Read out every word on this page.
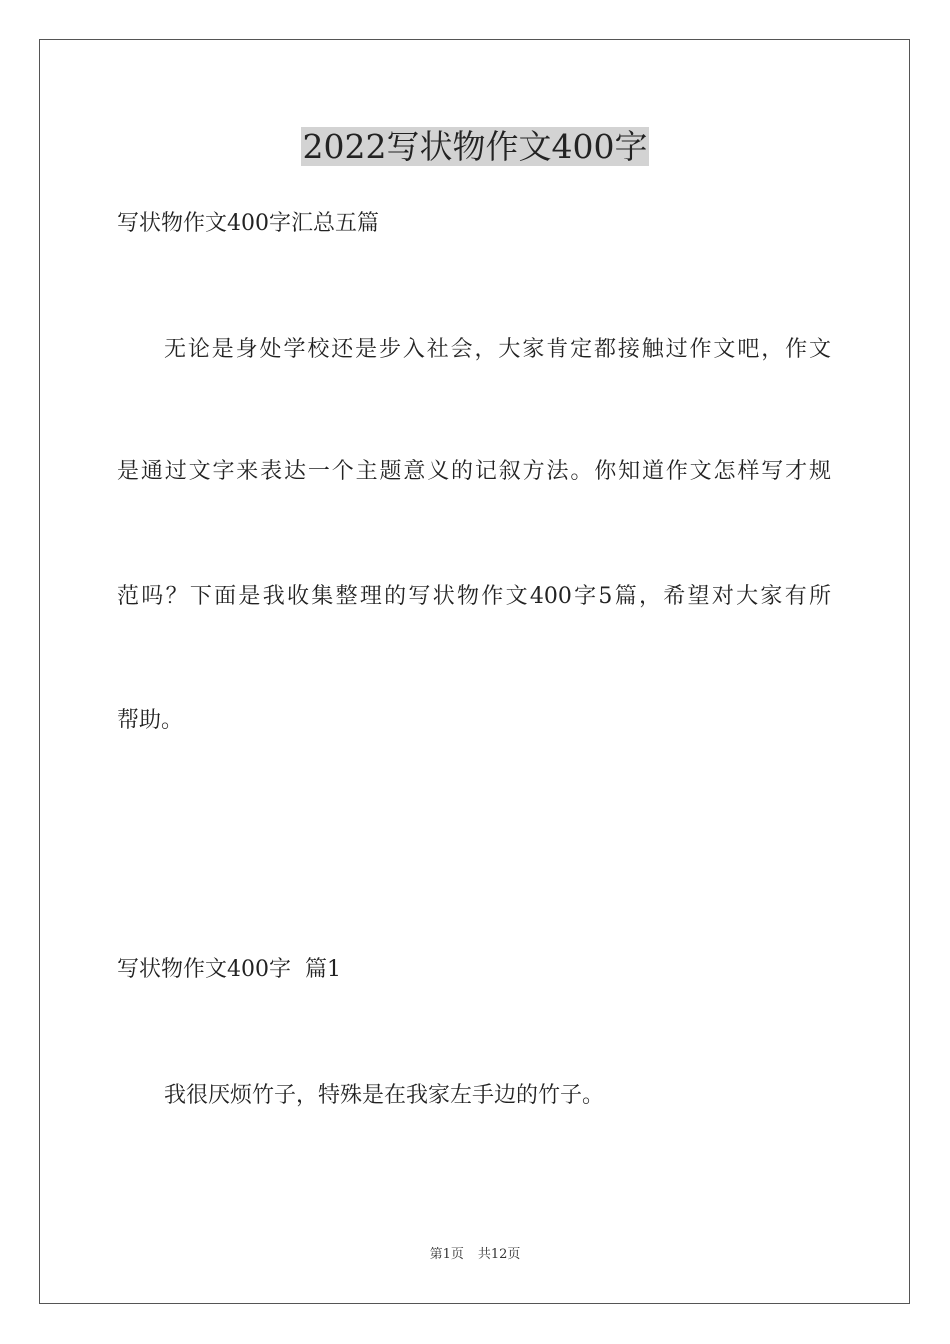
2022写状物作文400字
写状物作文400字汇总五篇
无论是身处学校还是步入社会，大家肯定都接触过作文吧，作文
是通过文字来表达一个主题意义的记叙方法。你知道作文怎样写才规
范吗？下面是我收集整理的写状物作文400字5篇，希望对大家有所
帮助。
写状物作文400字  篇1
我很厌烦竹子，特殊是在我家左手边的竹子。
第1页 共12页
